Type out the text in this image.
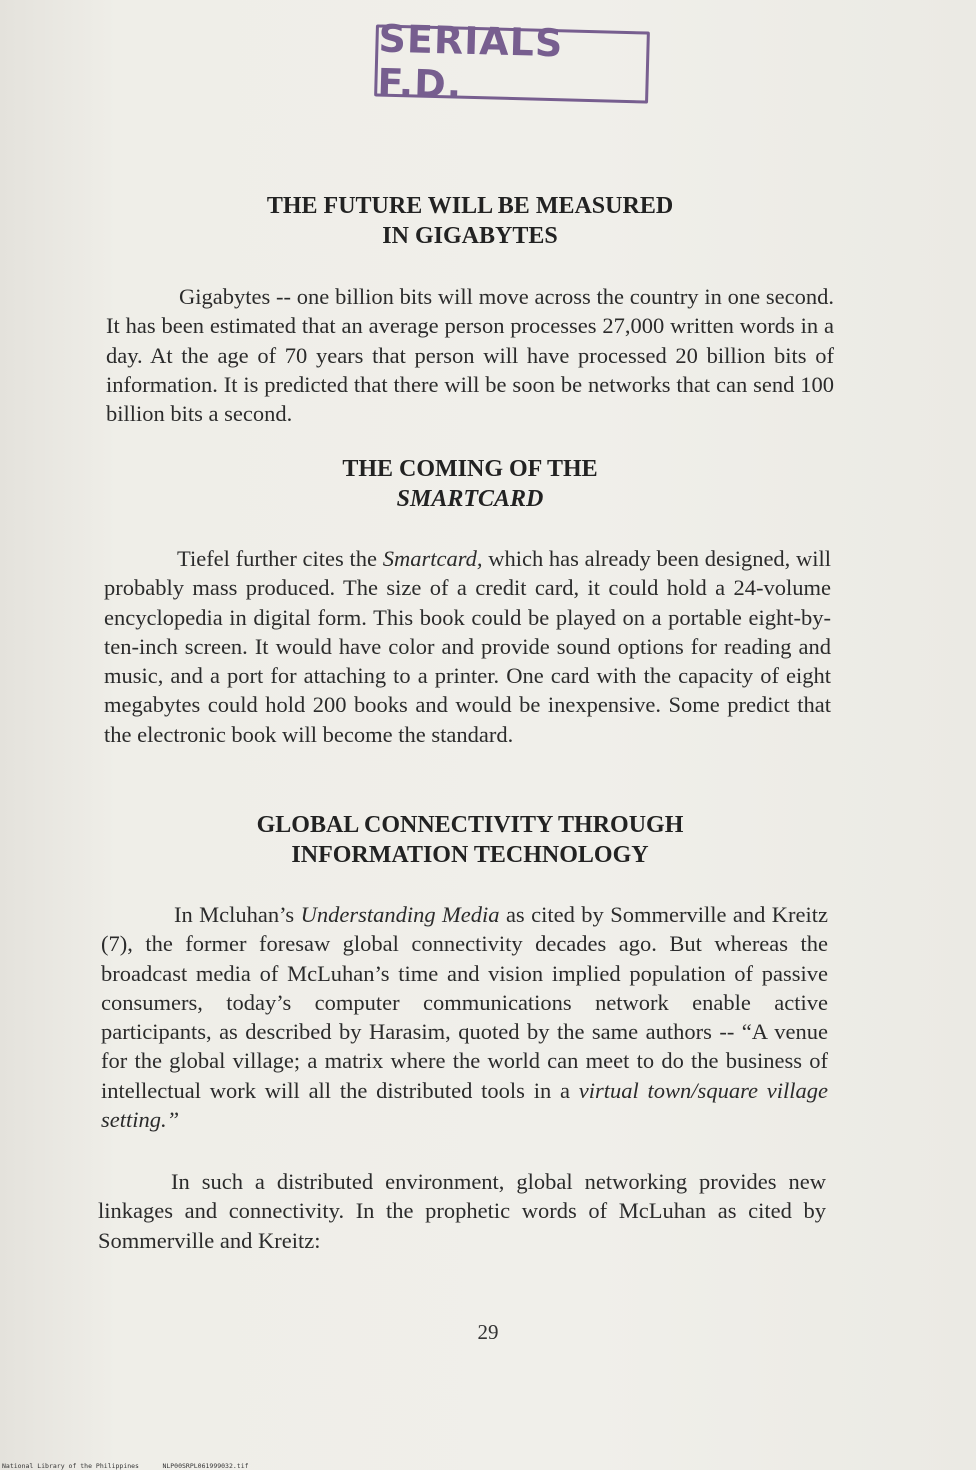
SERIALS F.D.
THE FUTURE WILL BE MEASURED
IN GIGABYTES

Gigabytes -- one billion bits will move across the country in one second. It has been estimated that an average person processes 27,000 written words in a day. At the age of 70 years that person will have processed 20 billion bits of information. It is predicted that there will be soon be networks that can send 100 billion bits a second.

THE COMING OF THE
SMARTCARD

Tiefel further cites the Smartcard, which has already been designed, will probably mass produced. The size of a credit card, it could hold a 24-volume encyclopedia in digital form. This book could be played on a portable eight-by-ten-inch screen. It would have color and provide sound options for reading and music, and a port for attaching to a printer. One card with the capacity of eight megabytes could hold 200 books and would be inexpensive. Some predict that the electronic book will become the standard.

GLOBAL CONNECTIVITY THROUGH
INFORMATION TECHNOLOGY

In Mcluhan’s Understanding Media as cited by Sommerville and Kreitz (7), the former foresaw global connectivity decades ago. But whereas the broadcast media of McLuhan’s time and vision implied population of passive consumers, today’s computer communications network enable active participants, as described by Harasim, quoted by the same authors -- “A venue for the global village; a matrix where the world can meet to do the business of intellectual work will all the distributed tools in a virtual town/square village setting.”

In such a distributed environment, global networking provides new linkages and connectivity. In the prophetic words of McLuhan as cited by Sommerville and Kreitz:

29
National Library of the Philippines      NLP00SRPL061999032.tif
